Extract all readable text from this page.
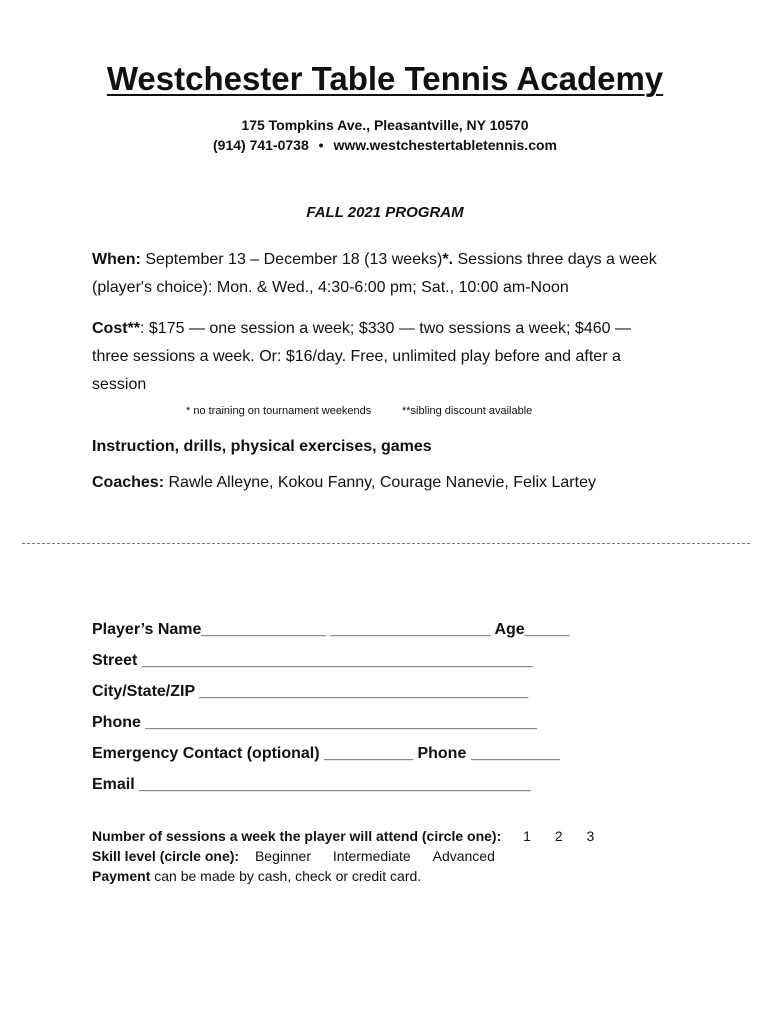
Westchester Table Tennis Academy
175 Tompkins Ave., Pleasantville, NY 10570
(914) 741-0738 • www.westchestertabletennis.com
FALL 2021 PROGRAM
When: September 13 – December 18 (13 weeks)*. Sessions three days a week (player's choice): Mon. & Wed., 4:30-6:00 pm; Sat., 10:00 am-Noon
Cost**: $175 — one session a week; $330 — two sessions a week; $460 — three sessions a week. Or: $16/day. Free, unlimited play before and after a session
* no training on tournament weekends	**sibling discount available
Instruction, drills, physical exercises, games
Coaches: Rawle Alleyne, Kokou Fanny, Courage Nanevie, Felix Lartey
Player’s Name______________ __________________ Age_____
Street ____________________________________________
City/State/ZIP _____________________________________
Phone ____________________________________________
Emergency Contact (optional) __________ Phone __________
Email ____________________________________________
Number of sessions a week the player will attend (circle one): 1 2 3
Skill level (circle one): Beginner Intermediate Advanced
Payment can be made by cash, check or credit card.
